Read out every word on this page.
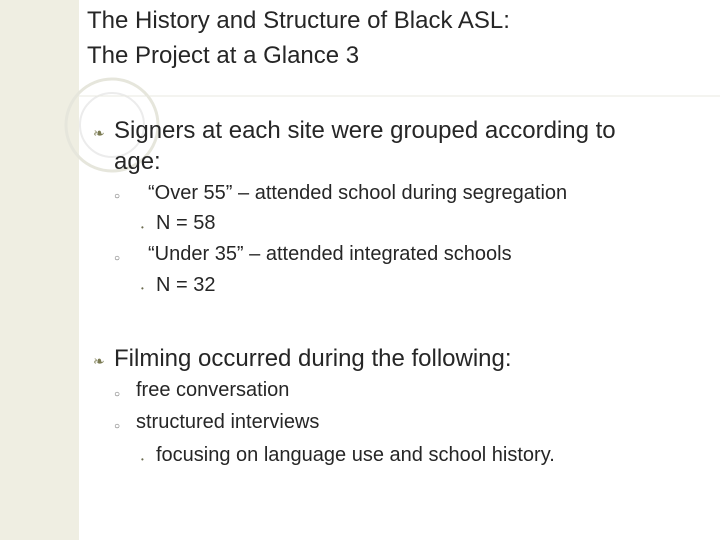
The History and Structure of Black ASL:
The Project at a Glance 3
❧ Signers at each site were grouped according to
age:
○ “Over 55” – attended school during segregation
• N = 58
○ “Under 35” – attended integrated schools
• N = 32
❧ Filming occurred during the following:
○ free conversation
○ structured interviews
• focusing on language use and school history.
